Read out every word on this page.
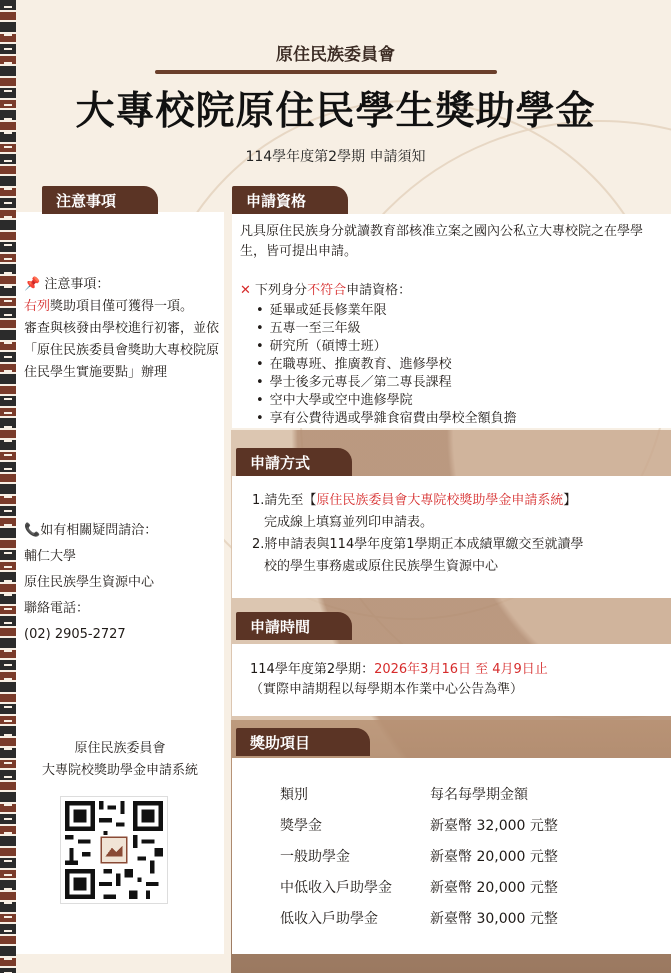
原住民族委員會
大專校院原住民學生獎助學金
114學年度第2學期 申請須知
注意事項
📌 注意事項：
右列獎助項目僅可獲得一項。
審查與核發由學校進行初審，並依「原住民族委員會獎助大專校院原住民學生實施要點」辦理
📞如有相關疑問請洽：
輔仁大學
原住民族學生資源中心
聯絡電話：
(02) 2905-2727
原住民族委員會
大專院校獎助學金申請系統
申請資格
凡具原住民族身分就讀教育部核准立案之國內公私立大專校院之在學學生，皆可提出申請。
✕ 下列身分不符合申請資格：
• 延畢或延長修業年限
• 五專一至三年級
• 研究所（碩博士班）
• 在職專班、推廣教育、進修學校
• 學士後多元專長／第二專長課程
• 空中大學或空中進修學院
• 享有公費待遇或學雜食宿費由學校全額負擔
申請方式
1.請先至【原住民族委員會大專院校獎助學金申請系統】
完成線上填寫並列印申請表。
2.將申請表與114學年度第1學期正本成績單繳交至就讀學
校的學生事務處或原住民族學生資源中心
申請時間
114學年度第2學期：2026年3月16日 至 4月9日止
（實際申請期程以每學期本作業中心公告為準）
獎助項目
類別	每名每學期金額
獎學金	新臺幣 32,000 元整
一般助學金	新臺幣 20,000 元整
中低收入戶助學金	新臺幣 20,000 元整
低收入戶助學金	新臺幣 30,000 元整
